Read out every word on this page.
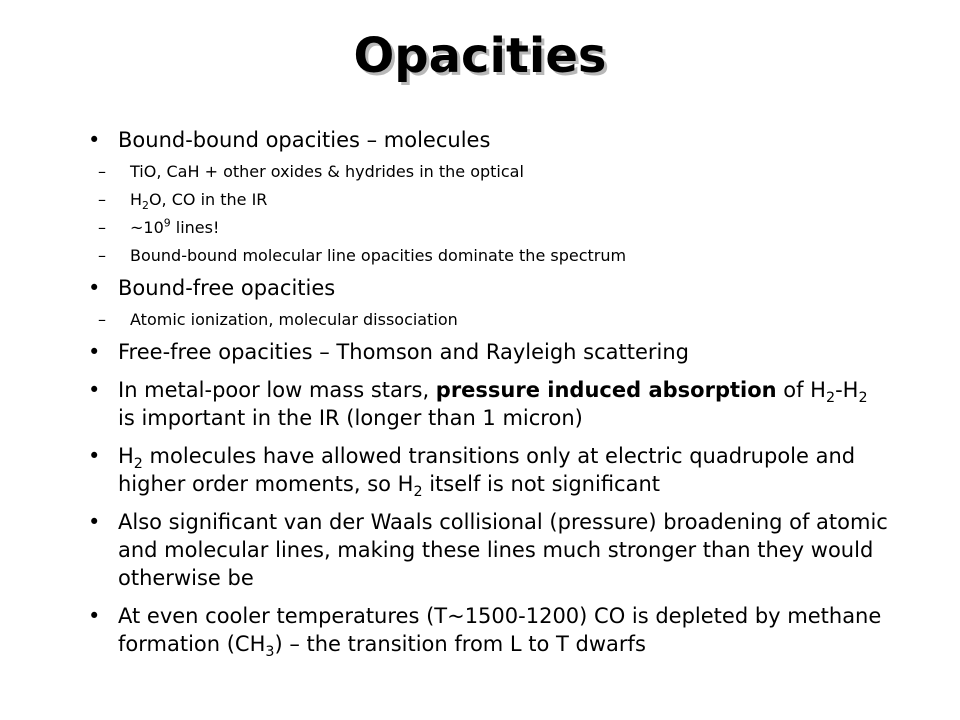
Opacities
• Bound-bound opacities – molecules
– TiO, CaH + other oxides & hydrides in the optical
– $H_2O$, CO in the IR
– $\sim 10^9$ lines!
– Bound-bound molecular line opacities dominate the spectrum
• Bound-free opacities
– Atomic ionization, molecular dissociation
• Free-free opacities – Thomson and Rayleigh scattering
• In metal-poor low mass stars, pressure induced absorption of $H_2-H_2$ is important in the IR (longer than 1 micron)
• $H_2$ molecules have allowed transitions only at electric quadrupole and higher order moments, so $H_2$ itself is not significant
• Also significant van der Waals collisional (pressure) broadening of atomic and molecular lines, making these lines much stronger than they would otherwise be
• At even cooler temperatures (T~1500-1200) CO is depleted by methane formation $(CH_3)$ – the transition from L to T dwarfs
